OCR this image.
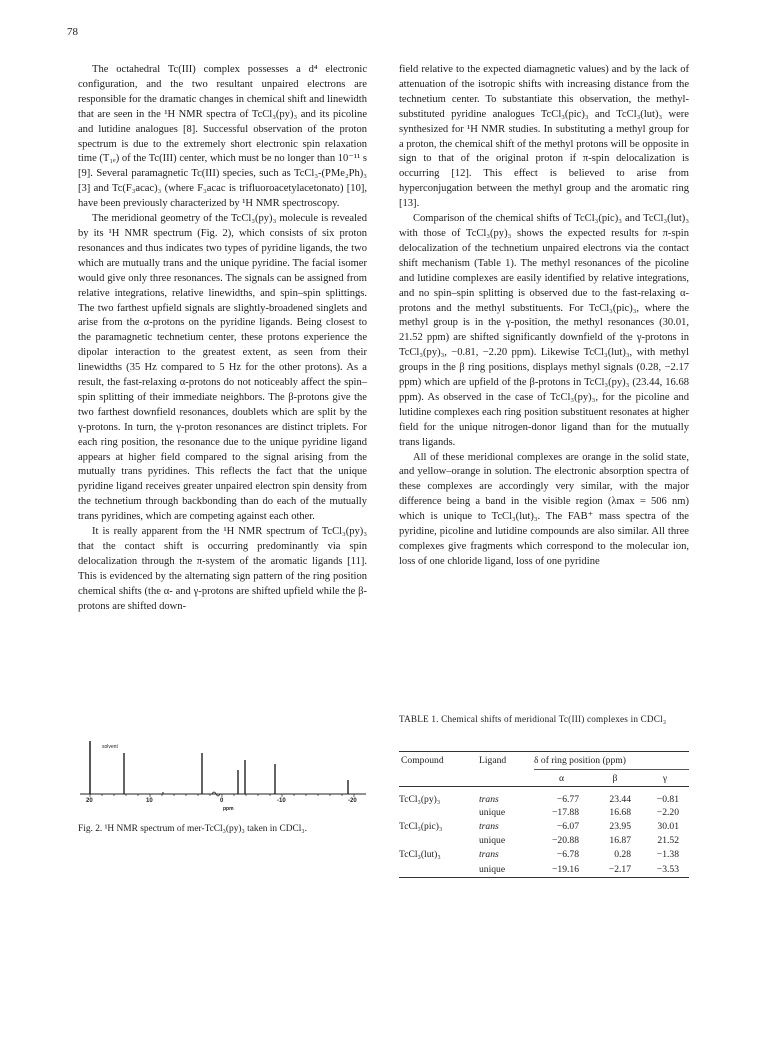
78

The octahedral Tc(III) complex possesses a d⁴ electronic configuration, and the two resultant unpaired electrons are responsible for the dramatic changes in chemical shift and linewidth that are seen in the ¹H NMR spectra of TcCl₃(py)₃ and its picoline and lutidine analogues [8]. Successful observation of the proton spectrum is due to the extremely short electronic spin relaxation time (T₁ₑ) of the Tc(III) center, which must be no longer than 10⁻¹¹ s [9]. Several paramagnetic Tc(III) species, such as TcCl₃-(PMe₂Ph)₃ [3] and Tc(F₃acac)₃ (where F₃acac is trifluoroacetylacetonato) [10], have been previously characterized by ¹H NMR spectroscopy.

The meridional geometry of the TcCl₃(py)₃ molecule is revealed by its ¹H NMR spectrum (Fig. 2), which consists of six proton resonances and thus indicates two types of pyridine ligands, the two which are mutually trans and the unique pyridine. The facial isomer would give only three resonances. The signals can be assigned from relative integrations, relative linewidths, and spin–spin splittings. The two farthest upfield signals are slightly-broadened singlets and arise from the α-protons on the pyridine ligands. Being closest to the paramagnetic technetium center, these protons experience the dipolar interaction to the greatest extent, as seen from their linewidths (35 Hz compared to 5 Hz for the other protons). As a result, the fast-relaxing α-protons do not noticeably affect the spin–spin splitting of their immediate neighbors. The β-protons give the two farthest downfield resonances, doublets which are split by the γ-protons. In turn, the γ-proton resonances are distinct triplets. For each ring position, the resonance due to the unique pyridine ligand appears at higher field compared to the signal arising from the mutually trans pyridines. This reflects the fact that the unique pyridine ligand receives greater unpaired electron spin density from the technetium through backbonding than do each of the mutually trans pyridines, which are competing against each other.

It is really apparent from the ¹H NMR spectrum of TcCl₃(py)₃ that the contact shift is occurring predominantly via spin delocalization through the π-system of the aromatic ligands [11]. This is evidenced by the alternating sign pattern of the ring position chemical shifts (the α- and γ-protons are shifted upfield while the β-protons are shifted down-

field relative to the expected diamagnetic values) and by the lack of attenuation of the isotropic shifts with increasing distance from the technetium center. To substantiate this observation, the methyl-substituted pyridine analogues TcCl₃(pic)₃ and TcCl₃(lut)₃ were synthesized for ¹H NMR studies. In substituting a methyl group for a proton, the chemical shift of the methyl protons will be opposite in sign to that of the original proton if π-spin delocalization is occurring [12]. This effect is believed to arise from hyperconjugation between the methyl group and the aromatic ring [13].

Comparison of the chemical shifts of TcCl₃(pic)₃ and TcCl₃(lut)₃ with those of TcCl₃(py)₃ shows the expected results for π-spin delocalization of the technetium unpaired electrons via the contact shift mechanism (Table 1). The methyl resonances of the picoline and lutidine complexes are easily identified by relative integrations, and no spin–spin splitting is observed due to the fast-relaxing α-protons and the methyl substituents. For TcCl₃(pic)₃, where the methyl group is in the γ-position, the methyl resonances (30.01, 21.52 ppm) are shifted significantly downfield of the γ-protons in TcCl₃(py)₃, −0.81, −2.20 ppm). Likewise TcCl₃(lut)₃, with methyl groups in the β ring positions, displays methyl signals (0.28, −2.17 ppm) which are upfield of the β-protons in TcCl₃(py)₃ (23.44, 16.68 ppm). As observed in the case of TcCl₃(py)₃, for the picoline and lutidine complexes each ring position substituent resonates at higher field for the unique nitrogen-donor ligand than for the mutually trans ligands.

All of these meridional complexes are orange in the solid state, and yellow–orange in solution. The electronic absorption spectra of these complexes are accordingly very similar, with the major difference being a band in the visible region (λmax = 506 nm) which is unique to TcCl₃(lut)₃. The FAB⁺ mass spectra of the pyridine, picoline and lutidine compounds are also similar. All three complexes give fragments which correspond to the molecular ion, loss of one chloride ligand, loss of one pyridine

solvent
20	10	0	-10	-20
ppm
Fig. 2. ¹H NMR spectrum of mer-TcCl₃(py)₃ taken in CDCl₃.
TABLE 1. Chemical shifts of meridional Tc(III) complexes in CDCl₃
Compound	Ligand	δ of ring position (ppm)		
		α	β	γ

TcCl₃(py)₃	trans	−6.77	23.44	−0.81
	unique	−17.88	16.68	−2.20
TcCl₃(pic)₃	trans	−6.07	23.95	30.01
	unique	−20.88	16.87	21.52
TcCl₃(lut)₃	trans	−6.78	0.28	−1.38
	unique	−19.16	−2.17	−3.53
